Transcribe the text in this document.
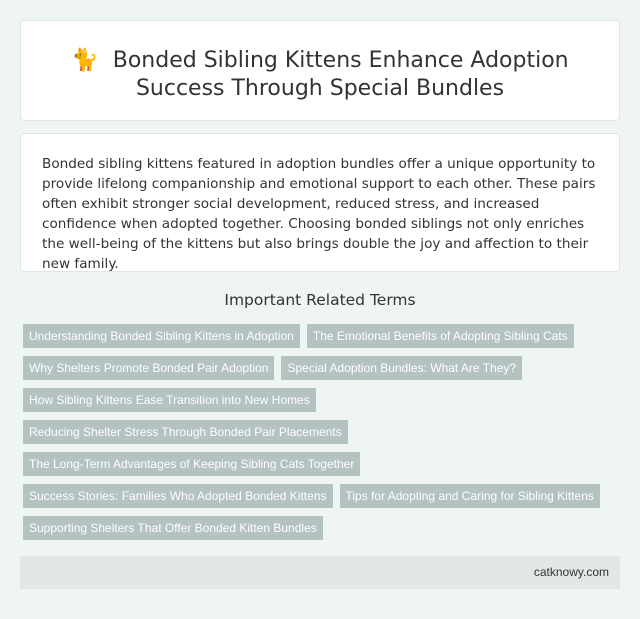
🐈 Bonded Sibling Kittens Enhance Adoption
Success Through Special Bundles

Bonded sibling kittens featured in adoption bundles offer a unique opportunity to provide lifelong companionship and emotional support to each other. These pairs often exhibit stronger social development, reduced stress, and increased confidence when adopted together. Choosing bonded siblings not only enriches the well-being of the kittens but also brings double the joy and affection to their new family.

Important Related Terms
Understanding Bonded Sibling Kittens in Adoption	The Emotional Benefits of Adopting Sibling Cats
Why Shelters Promote Bonded Pair Adoption	Special Adoption Bundles: What Are They?
How Sibling Kittens Ease Transition into New Homes
Reducing Shelter Stress Through Bonded Pair Placements
The Long-Term Advantages of Keeping Sibling Cats Together
Success Stories: Families Who Adopted Bonded Kittens	Tips for Adopting and Caring for Sibling Kittens
Supporting Shelters That Offer Bonded Kitten Bundles
catknowy.com
